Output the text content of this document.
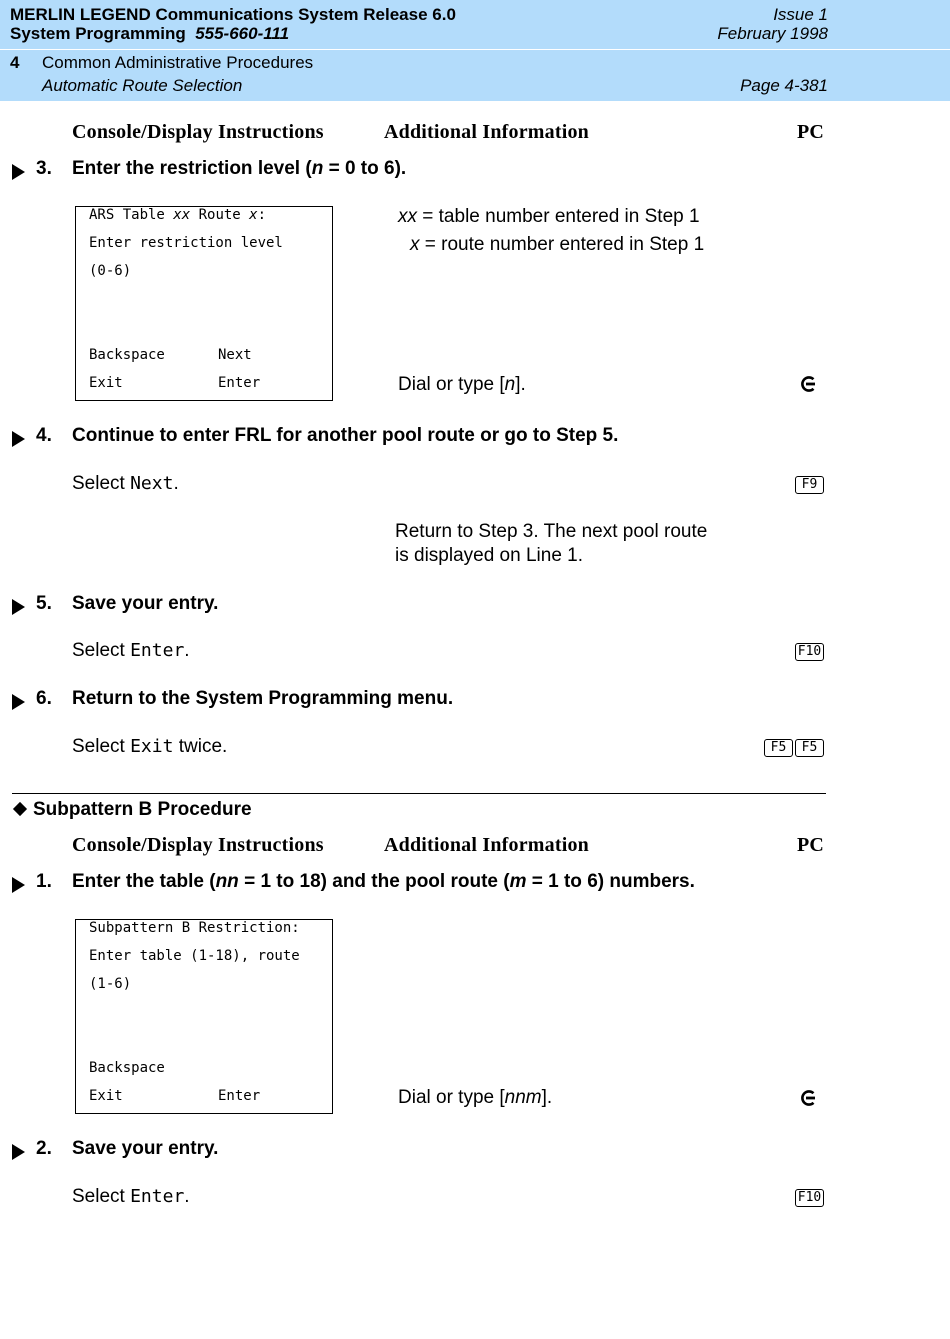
MERLIN LEGEND Communications System Release 6.0
System Programming 555-660-111
Issue 1
February 1998
4 Common Administrative Procedures
Automatic Route Selection	Page 4-381
Console/Display Instructions	Additional Information	PC
3. Enter the restriction level (n = 0 to 6).
ARS Table xx Route x:
Enter restriction level
(0-6)
Backspace	Next
Exit	Enter
xx = table number entered in Step 1
x = route number entered in Step 1
Dial or type [n].
4. Continue to enter FRL for another pool route or go to Step 5.
Select Next.	F9
Return to Step 3. The next pool route
is displayed on Line 1.
5. Save your entry.
Select Enter.	F10
6. Return to the System Programming menu.
Select Exit twice.	F5	F5
Subpattern B Procedure
Console/Display Instructions	Additional Information	PC
1. Enter the table (nn = 1 to 18) and the pool route (m = 1 to 6) numbers.
Subpattern B Restriction:
Enter table (1-18), route
(1-6)
Backspace
Exit	Enter	Dial or type [nnm].
2. Save your entry.
Select Enter.	F10
